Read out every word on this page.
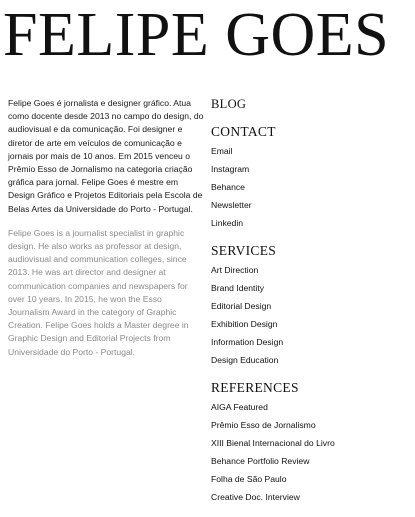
FELIPE GOES

Felipe Goes é jornalista e designer gráfico. Atua como docente desde 2013 no campo do design, do audiovisual e da comunicação. Foi designer e diretor de arte em veículos de comunicação e jornais por mais de 10 anos. Em 2015 venceu o Prêmio Esso de Jornalismo na categoria criação gráfica para jornal. Felipe Goes é mestre em Design Gráfico e Projetos Editoriais pela Escola de Belas Artes da Universidade do Porto - Portugal.

Felipe Goes is a journalist specialist in graphic design. He also works as professor at design, audiovisual and communication colleges, since 2013. He was art director and designer at communication companies and newspapers for over 10 years. In 2015, he won the Esso Journalism Award in the category of Graphic Creation. Felipe Goes holds a Master degree in Graphic Design and Editorial Projects from Universidade do Porto - Portugal.

BLOG
CONTACT
Email
Instagram
Behance
Newsletter
Linkedin
SERVICES
Art Direction
Brand Identity
Editorial Design
Exhibition Design
Information Design
Design Education
REFERENCES
AIGA Featured
Prêmio Esso de Jornalismo
XIII Bienal Internacional do Livro
Behance Portfolio Review
Folha de São Paulo
Creative Doc. Interview
